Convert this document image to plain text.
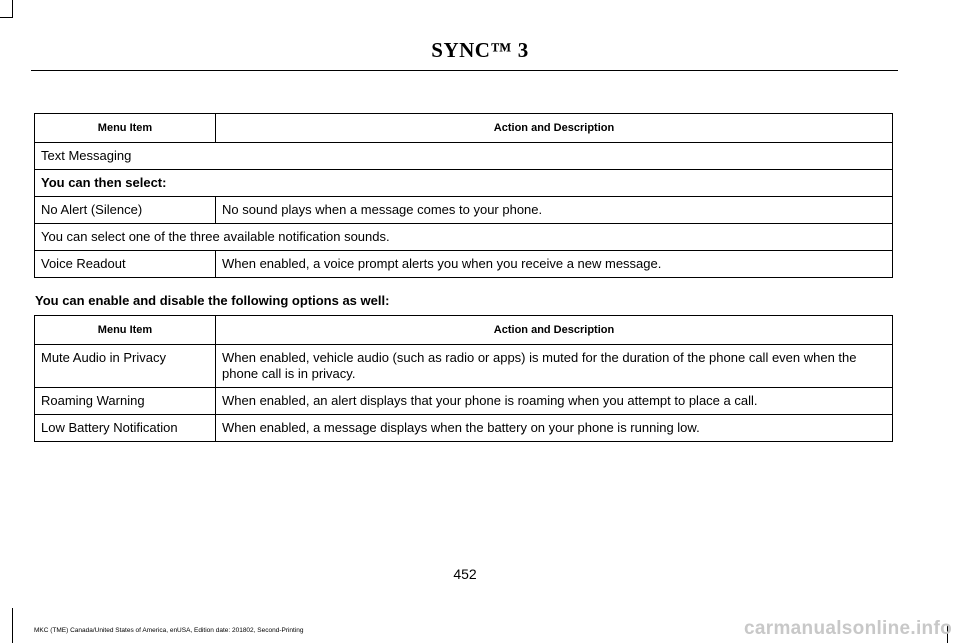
SYNC™ 3
Menu Item	Action and Description
Text Messaging	
You can then select:	
No Alert (Silence)	No sound plays when a message comes to your phone.
You can select one of the three available notification sounds.	
Voice Readout	When enabled, a voice prompt alerts you when you receive a new message.
You can enable and disable the following options as well:
Menu Item	Action and Description
Mute Audio in Privacy	When enabled, vehicle audio (such as radio or apps) is muted for the duration of the phone call even when the phone call is in privacy.
Roaming Warning	When enabled, an alert displays that your phone is roaming when you attempt to place a call.
Low Battery Notification	When enabled, a message displays when the battery on your phone is running low.
452
MKC (TME) Canada/United States of America, enUSA, Edition date: 201802, Second-Printing	carmanualsonline.info
